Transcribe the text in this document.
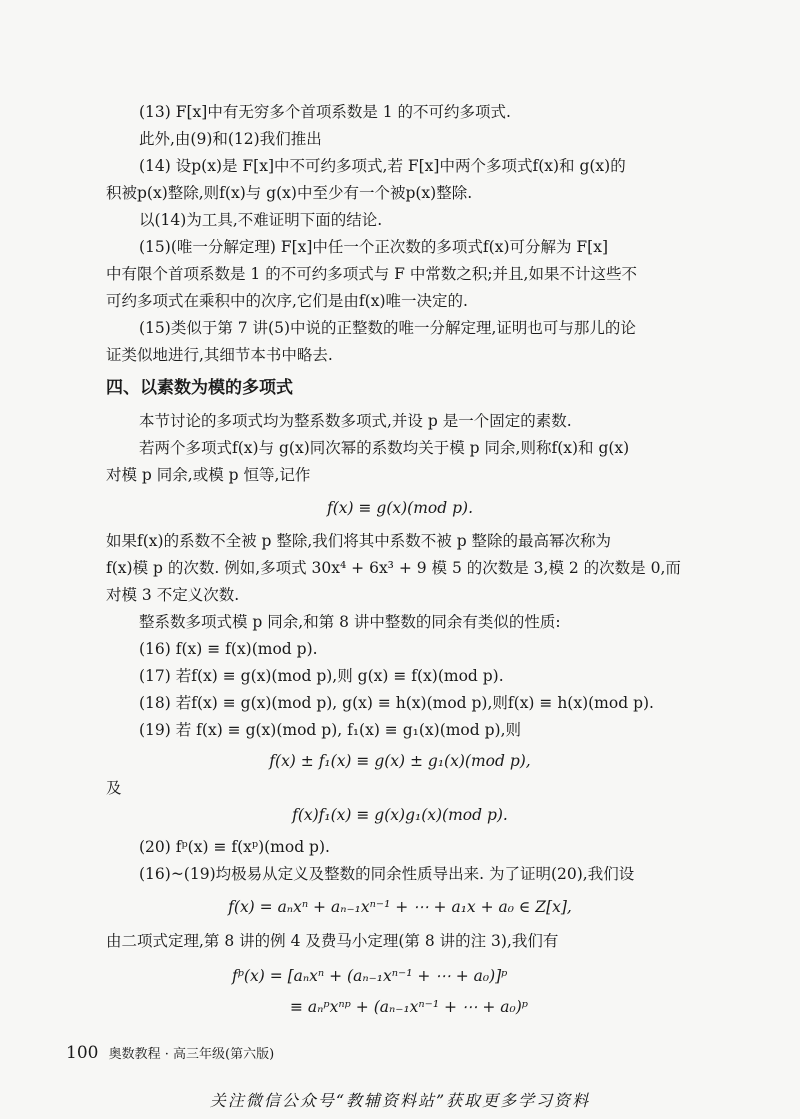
(13) F[x]中有无穷多个首项系数是 1 的不可约多项式.
此外,由(9)和(12)我们推出
(14) 设p(x)是 F[x]中不可约多项式,若 F[x]中两个多项式f(x)和 g(x)的
积被p(x)整除,则f(x)与 g(x)中至少有一个被p(x)整除.
以(14)为工具,不难证明下面的结论.
(15)(唯一分解定理) F[x]中任一个正次数的多项式f(x)可分解为 F[x]
中有限个首项系数是 1 的不可约多项式与 F 中常数之积;并且,如果不计这些不
可约多项式在乘积中的次序,它们是由f(x)唯一决定的.
(15)类似于第 7 讲(5)中说的正整数的唯一分解定理,证明也可与那儿的论
证类似地进行,其细节本书中略去.
四、以素数为模的多项式
本节讨论的多项式均为整系数多项式,并设 p 是一个固定的素数.
若两个多项式f(x)与 g(x)同次幂的系数均关于模 p 同余,则称f(x)和 g(x)
对模 p 同余,或模 p 恒等,记作
f(x) ≡ g(x)(mod p).
如果f(x)的系数不全被 p 整除,我们将其中系数不被 p 整除的最高幂次称为
f(x)模 p 的次数. 例如,多项式 30x⁴ + 6x³ + 9 模 5 的次数是 3,模 2 的次数是 0,而
对模 3 不定义次数.
整系数多项式模 p 同余,和第 8 讲中整数的同余有类似的性质:
(16) f(x) ≡ f(x)(mod p).
(17) 若f(x) ≡ g(x)(mod p),则 g(x) ≡ f(x)(mod p).
(18) 若f(x) ≡ g(x)(mod p), g(x) ≡ h(x)(mod p),则f(x) ≡ h(x)(mod p).
(19) 若 f(x) ≡ g(x)(mod p), f₁(x) ≡ g₁(x)(mod p),则
f(x) ± f₁(x) ≡ g(x) ± g₁(x)(mod p),
及
f(x)f₁(x) ≡ g(x)g₁(x)(mod p).
(20) fᵖ(x) ≡ f(xᵖ)(mod p).
(16)~(19)均极易从定义及整数的同余性质导出来. 为了证明(20),我们设
f(x) = aₙxⁿ + aₙ₋₁xⁿ⁻¹ + ⋯ + a₁x + a₀ ∈ Z[x],
由二项式定理,第 8 讲的例 4 及费马小定理(第 8 讲的注 3),我们有
fᵖ(x) = [aₙxⁿ + (aₙ₋₁xⁿ⁻¹ + ⋯ + a₀)]ᵖ
≡ aₙᵖxⁿᵖ + (aₙ₋₁xⁿ⁻¹ + ⋯ + a₀)ᵖ
100 奥数教程 · 高三年级(第六版)
关注微信公众号“教辅资料站”获取更多学习资料
